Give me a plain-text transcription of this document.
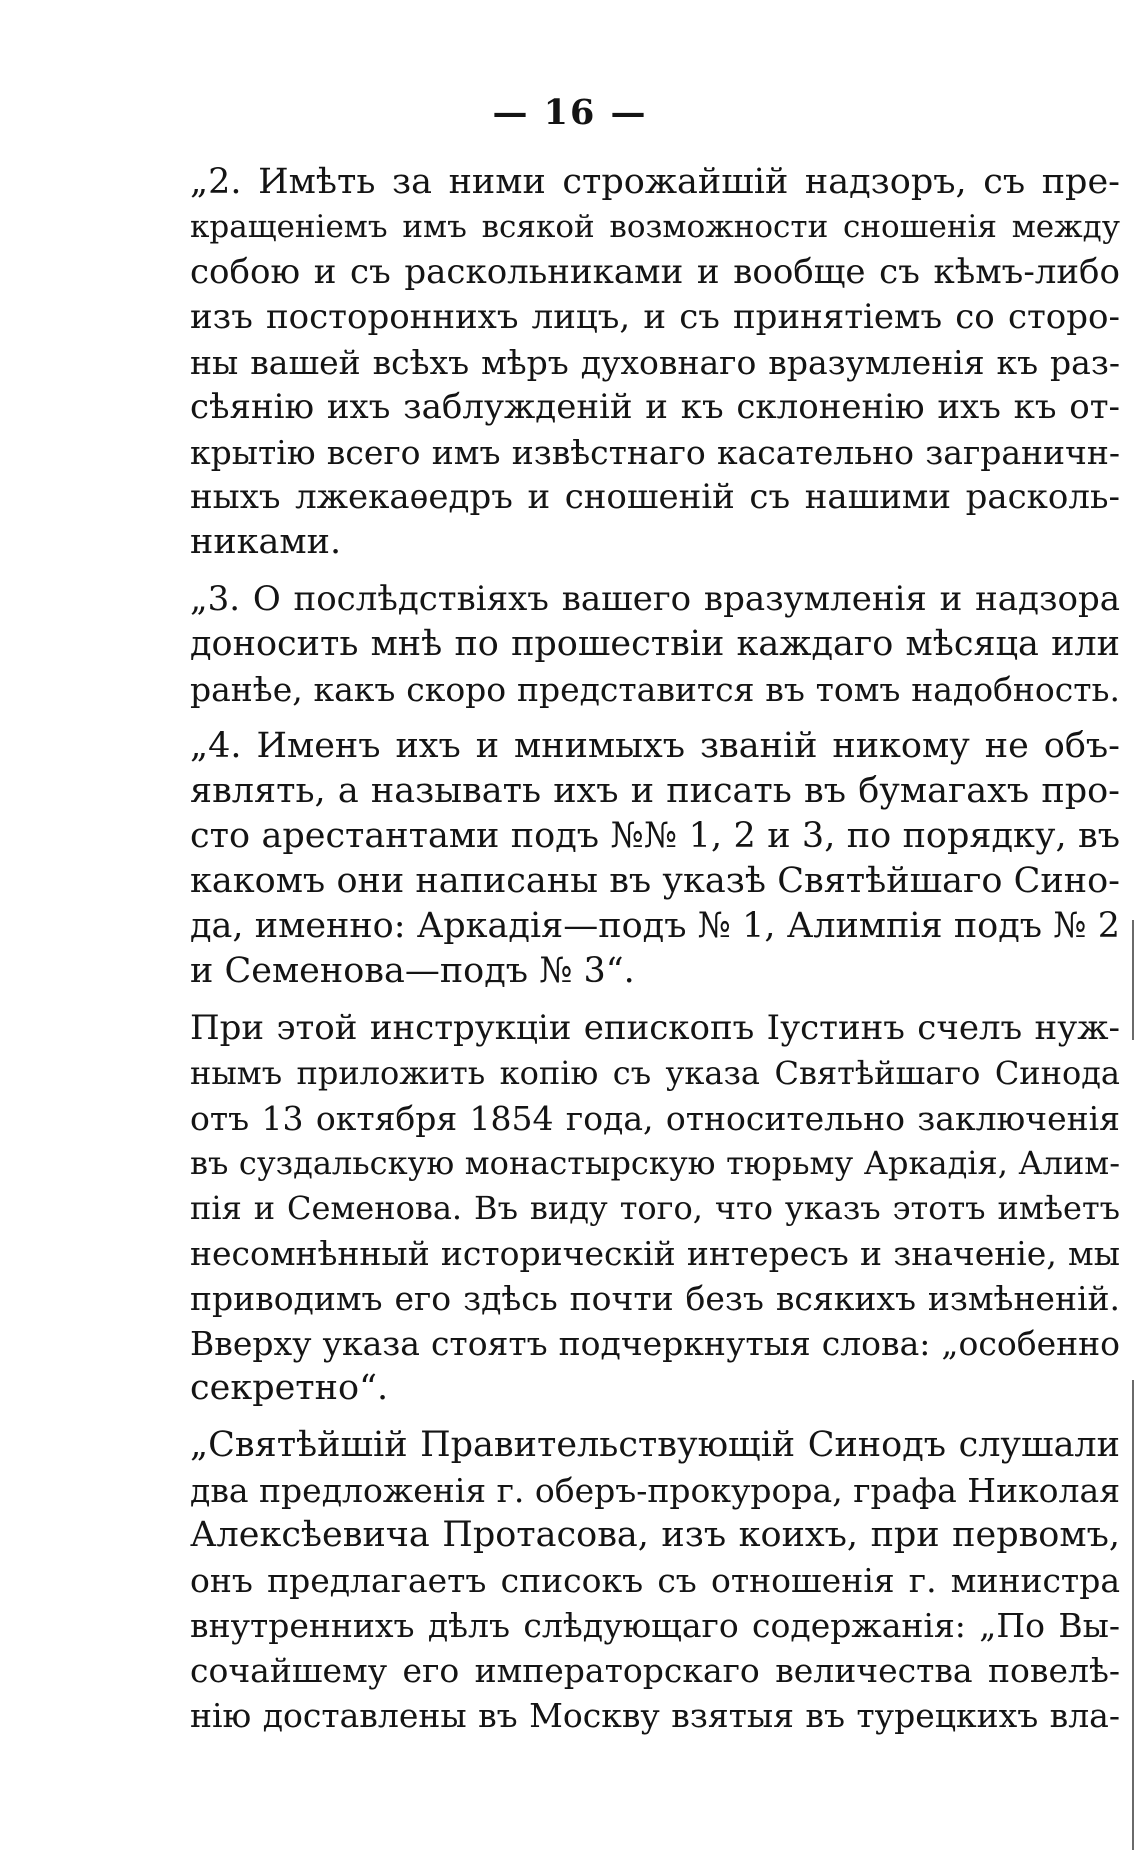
— 16 —
„2. Имѣть за ними строжайшій надзоръ, съ пре-
кращеніемъ имъ всякой возможности сношенія между
собою и съ раскольниками и вообще съ кѣмъ-либо
изъ постороннихъ лицъ, и съ принятіемъ со сторо-
ны вашей всѣхъ мѣръ духовнаго вразумленія къ раз-
сѣянію ихъ заблужденій и къ склоненію ихъ къ от-
крытію всего имъ извѣстнаго касательно заграничн-
ныхъ лжекаѳедръ и сношеній съ нашими расколь-
никами.
„3. О послѣдствіяхъ вашего вразумленія и надзора
доносить мнѣ по прошествіи каждаго мѣсяца или
ранѣе, какъ скоро представится въ томъ надобность.
„4. Именъ ихъ и мнимыхъ званій никому не объ-
являть, а называть ихъ и писать въ бумагахъ про-
сто арестантами подъ №№ 1, 2 и 3, по порядку, въ
какомъ они написаны въ указѣ Святѣйшаго Сино-
да, именно: Аркадія—подъ № 1, Алимпія подъ № 2
и Семенова—подъ № 3“.
При этой инструкціи епископъ Іустинъ счелъ нуж-
нымъ приложить копію съ указа Святѣйшаго Синода
отъ 13 октября 1854 года, относительно заключенія
въ суздальскую монастырскую тюрьму Аркадія, Алим-
пія и Семенова. Въ виду того, что указъ этотъ имѣетъ
несомнѣнный историческій интересъ и значеніе, мы
приводимъ его здѣсь почти безъ всякихъ измѣненій.
Вверху указа стоятъ подчеркнутыя слова: „особенно
секретно“.
„Святѣйшій Правительствующій Синодъ слушали
два предложенія г. оберъ-прокурора, графа Николая
Алексѣевича Протасова, изъ коихъ, при первомъ,
онъ предлагаетъ списокъ съ отношенія г. министра
внутреннихъ дѣлъ слѣдующаго содержанія: „По Вы-
сочайшему его императорскаго величества повелѣ-
нію доставлены въ Москву взятыя въ турецкихъ вла-
